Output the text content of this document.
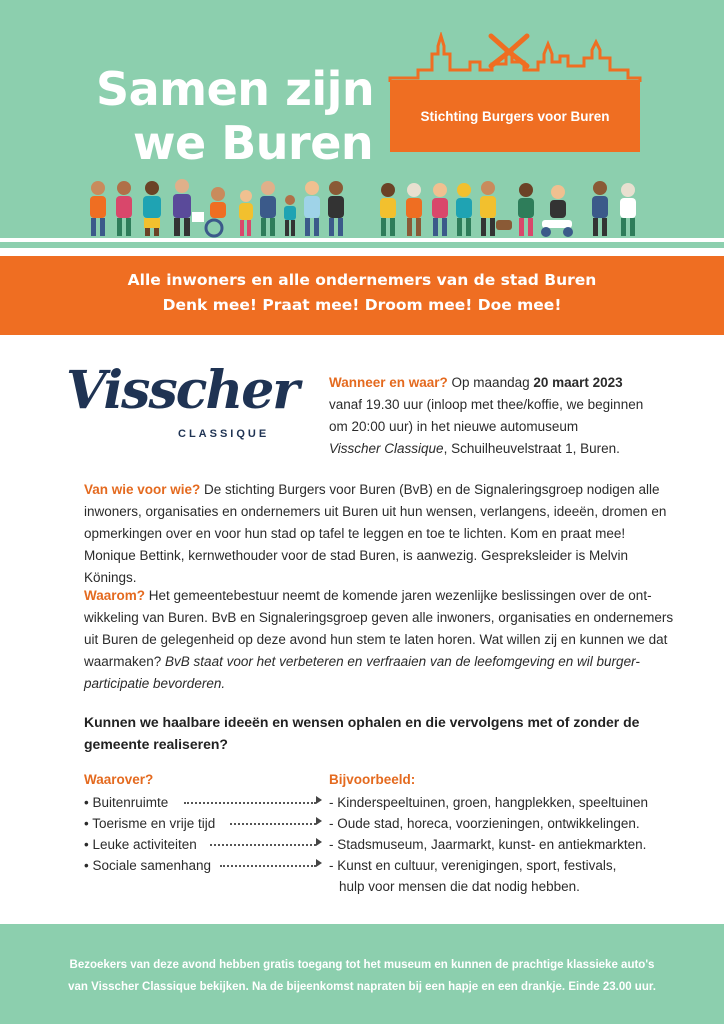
Samen zijn
we Buren	Stichting Burgers voor Buren
Alle inwoners en alle ondernemers van de stad Buren
Denk mee! Praat mee! Droom mee! Doe mee!
Visscher
CLASSIQUE
Wanneer en waar? Op maandag 20 maart 2023
vanaf 19.30 uur (inloop met thee/koffie, we beginnen
om 20:00 uur) in het nieuwe automuseum
Visscher Classique, Schuilheuvelstraat 1, Buren.
Van wie voor wie? De stichting Burgers voor Buren (BvB) en de Signaleringsgroep nodigen alle
inwoners, organisaties en ondernemers uit Buren uit hun wensen, verlangens, ideeën, dromen en
opmerkingen over en voor hun stad op tafel te leggen en toe te lichten. Kom en praat mee!
Monique Bettink, kernwethouder voor de stad Buren, is aanwezig. Gespreksleider is Melvin Könings.
Waarom? Het gemeentebestuur neemt de komende jaren wezenlijke beslissingen over de ont-
wikkeling van Buren. BvB en Signaleringsgroep geven alle inwoners, organisaties en ondernemers
uit Buren de gelegenheid op deze avond hun stem te laten horen. Wat willen zij en kunnen we dat
waarmaken? BvB staat voor het verbeteren en verfraaien van de leefomgeving en wil burger-
participatie bevorderen.
Kunnen we haalbare ideeën en wensen ophalen en die vervolgens met of zonder de
gemeente realiseren?
Waarover?	Bijvoorbeeld:
• Buitenruimte
• Toerisme en vrije tijd
• Leuke activiteiten
• Sociale samenhang
- Kinderspeeltuinen, groen, hangplekken, speeltuinen
- Oude stad, horeca, voorzieningen, ontwikkelingen.
- Stadsmuseum, Jaarmarkt, kunst- en antiekmarkten.
- Kunst en cultuur, verenigingen, sport, festivals,
hulp voor mensen die dat nodig hebben.
Bezoekers van deze avond hebben gratis toegang tot het museum en kunnen de prachtige klassieke auto's
van Visscher Classique bekijken. Na de bijeenkomst napraten bij een hapje en een drankje. Einde 23.00 uur.
